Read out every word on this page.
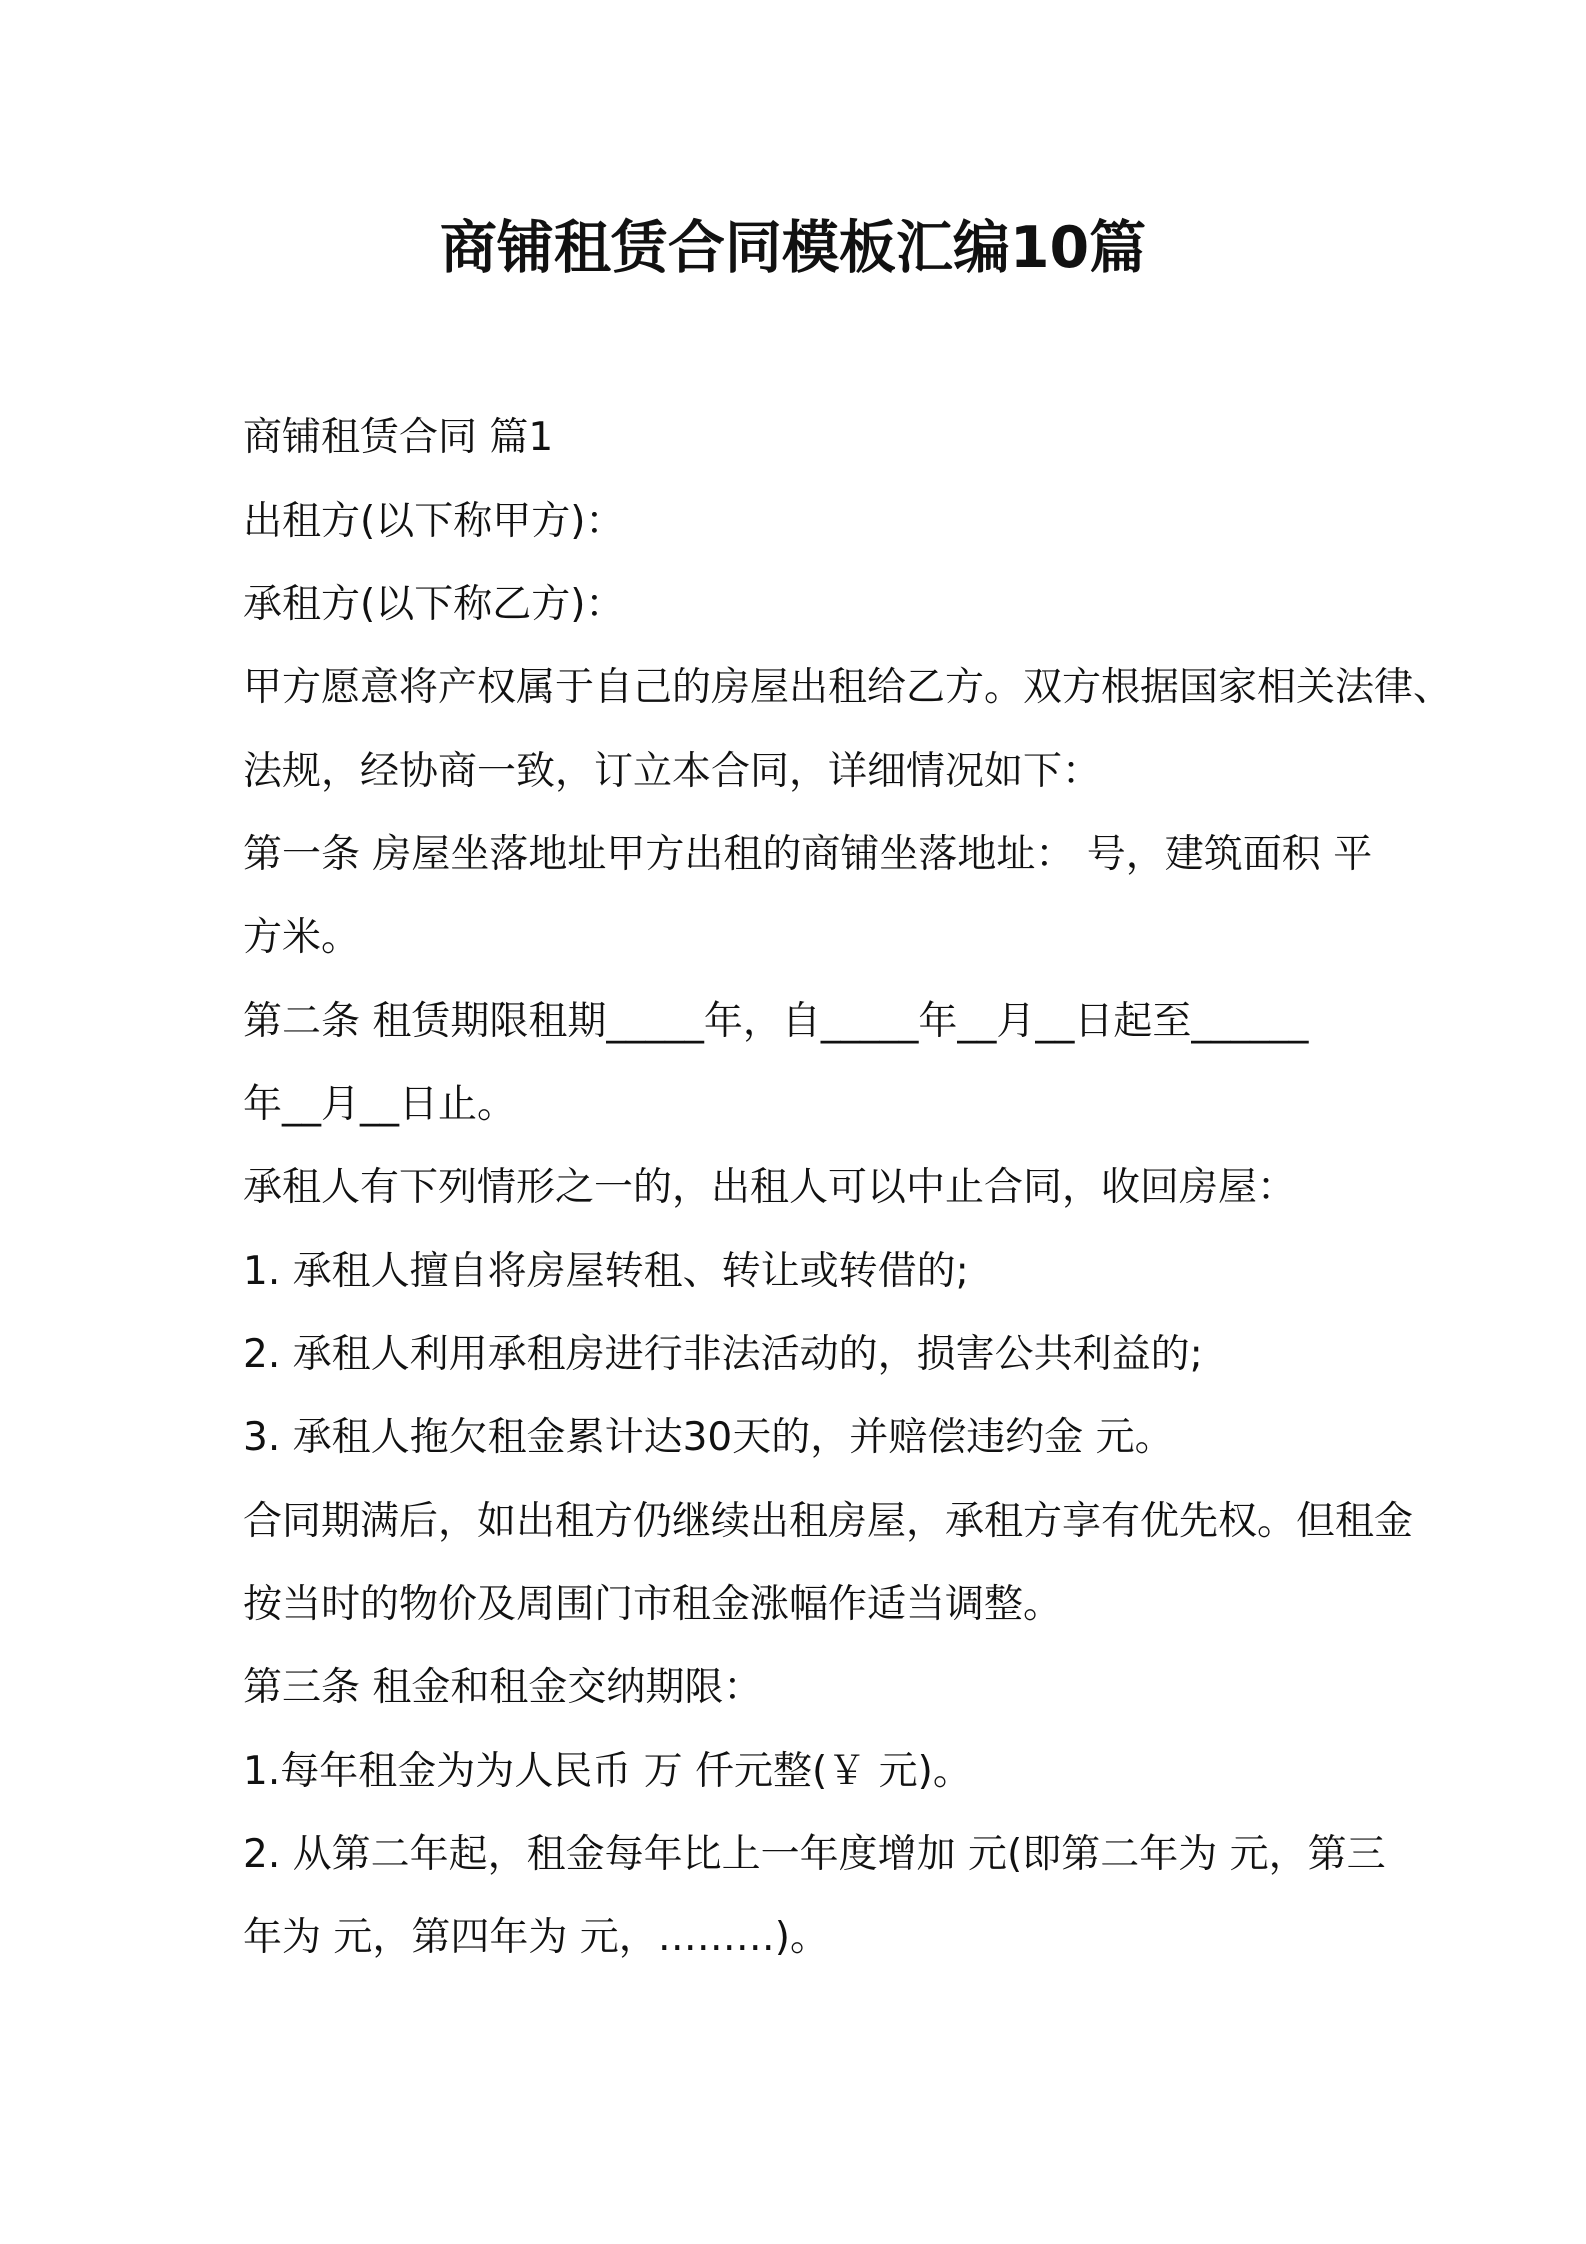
商铺租赁合同模板汇编10篇
商铺租赁合同 篇1
出租方(以下称甲方)：
承租方(以下称乙方)：
甲方愿意将产权属于自己的房屋出租给乙方。双方根据国家相关法律、
法规，经协商一致，订立本合同，详细情况如下：
第一条 房屋坐落地址甲方出租的商铺坐落地址： 号，建筑面积 平
方米。
第二条 租赁期限租期_____年，自_____年__月__日起至______
年__月__日止。
承租人有下列情形之一的，出租人可以中止合同，收回房屋：
1. 承租人擅自将房屋转租、转让或转借的;
2. 承租人利用承租房进行非法活动的，损害公共利益的;
3. 承租人拖欠租金累计达30天的，并赔偿违约金 元。
合同期满后，如出租方仍继续出租房屋，承租方享有优先权。但租金
按当时的物价及周围门市租金涨幅作适当调整。
第三条 租金和租金交纳期限：
1.每年租金为为人民币 万 仟元整(￥ 元)。
2. 从第二年起，租金每年比上一年度增加 元(即第二年为 元，第三
年为 元，第四年为 元，………)。
